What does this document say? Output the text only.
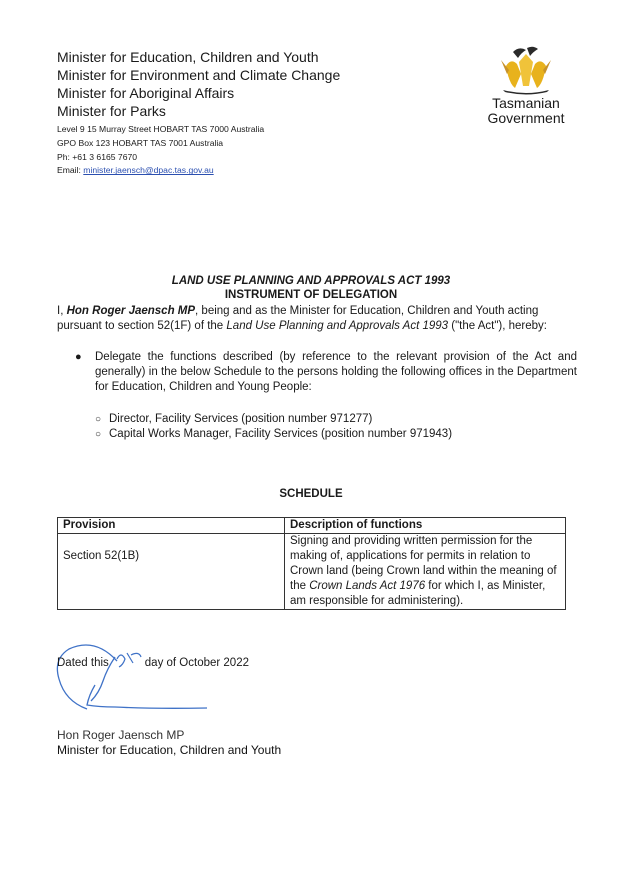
Minister for Education, Children and Youth
Minister for Environment and Climate Change
Minister for Aboriginal Affairs
Minister for Parks
Level 9 15 Murray Street HOBART TAS 7000 Australia
GPO Box 123 HOBART TAS 7001 Australia
Ph: +61 3 6165 7670
Email: minister.jaensch@dpac.tas.gov.au
Tasmanian
Government
LAND USE PLANNING AND APPROVALS ACT 1993
INSTRUMENT OF DELEGATION
I, Hon Roger Jaensch MP, being and as the Minister for Education, Children and Youth acting pursuant to section 52(1F) of the Land Use Planning and Approvals Act 1993 ("the Act"), hereby:
● Delegate the functions described (by reference to the relevant provision of the Act and generally) in the below Schedule to the persons holding the following offices in the Department for Education, Children and Young People:
○ Director, Facility Services (position number 971277)
○ Capital Works Manager, Facility Services (position number 971943)
SCHEDULE
Provision	Description of functions
Section 52(1B)	Signing and providing written permission for the making of, applications for permits in relation to Crown land (being Crown land within the meaning of the Crown Lands Act 1976 for which I, as Minister, am responsible for administering).
Dated this	day of October 2022
Hon Roger Jaensch MP
Minister for Education, Children and Youth
